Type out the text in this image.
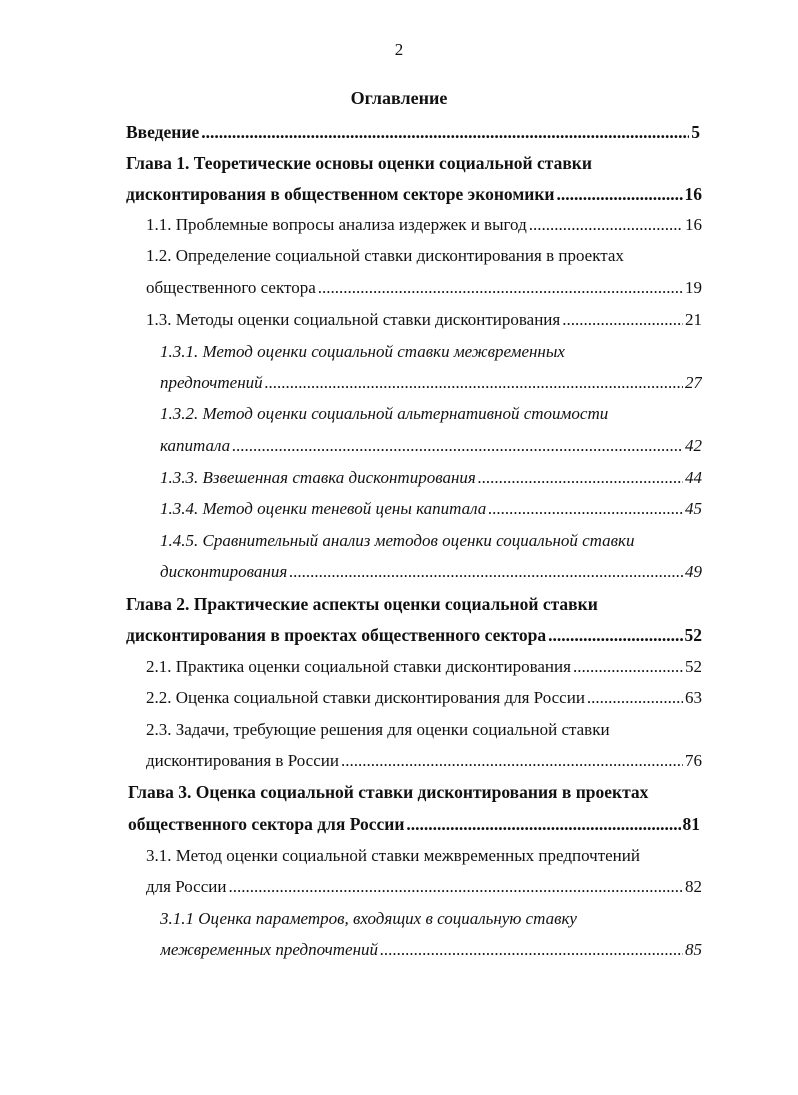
2
Оглавление
Введение .....	5
Глава 1. Теоретические основы оценки социальной ставки
дисконтирования в общественном секторе экономики .....	16
1.1. Проблемные вопросы анализа издержек и выгод .....	16
1.2. Определение социальной ставки дисконтирования в проектах
общественного сектора .....	19
1.3. Методы оценки социальной ставки дисконтирования .....	21
1.3.1. Метод оценки социальной ставки межвременных
предпочтений .....	27
1.3.2. Метод оценки социальной альтернативной стоимости
капитала .....	42
1.3.3. Взвешенная ставка дисконтирования .....	44
1.3.4. Метод оценки теневой цены капитала .....	45
1.4.5. Сравнительный анализ методов оценки социальной ставки
дисконтирования .....	49
Глава 2. Практические аспекты оценки социальной ставки
дисконтирования в проектах общественного сектора .....	52
2.1. Практика оценки социальной ставки дисконтирования .....	52
2.2. Оценка социальной ставки дисконтирования для России .....	63
2.3. Задачи, требующие решения для оценки социальной ставки
дисконтирования в России .....	76
Глава 3. Оценка социальной ставки дисконтирования в проектах
общественного сектора для России .....	81
3.1. Метод оценки социальной ставки межвременных предпочтений
для России .....	82
3.1.1 Оценка параметров, входящих в социальную ставку
межвременных предпочтений .....	85
